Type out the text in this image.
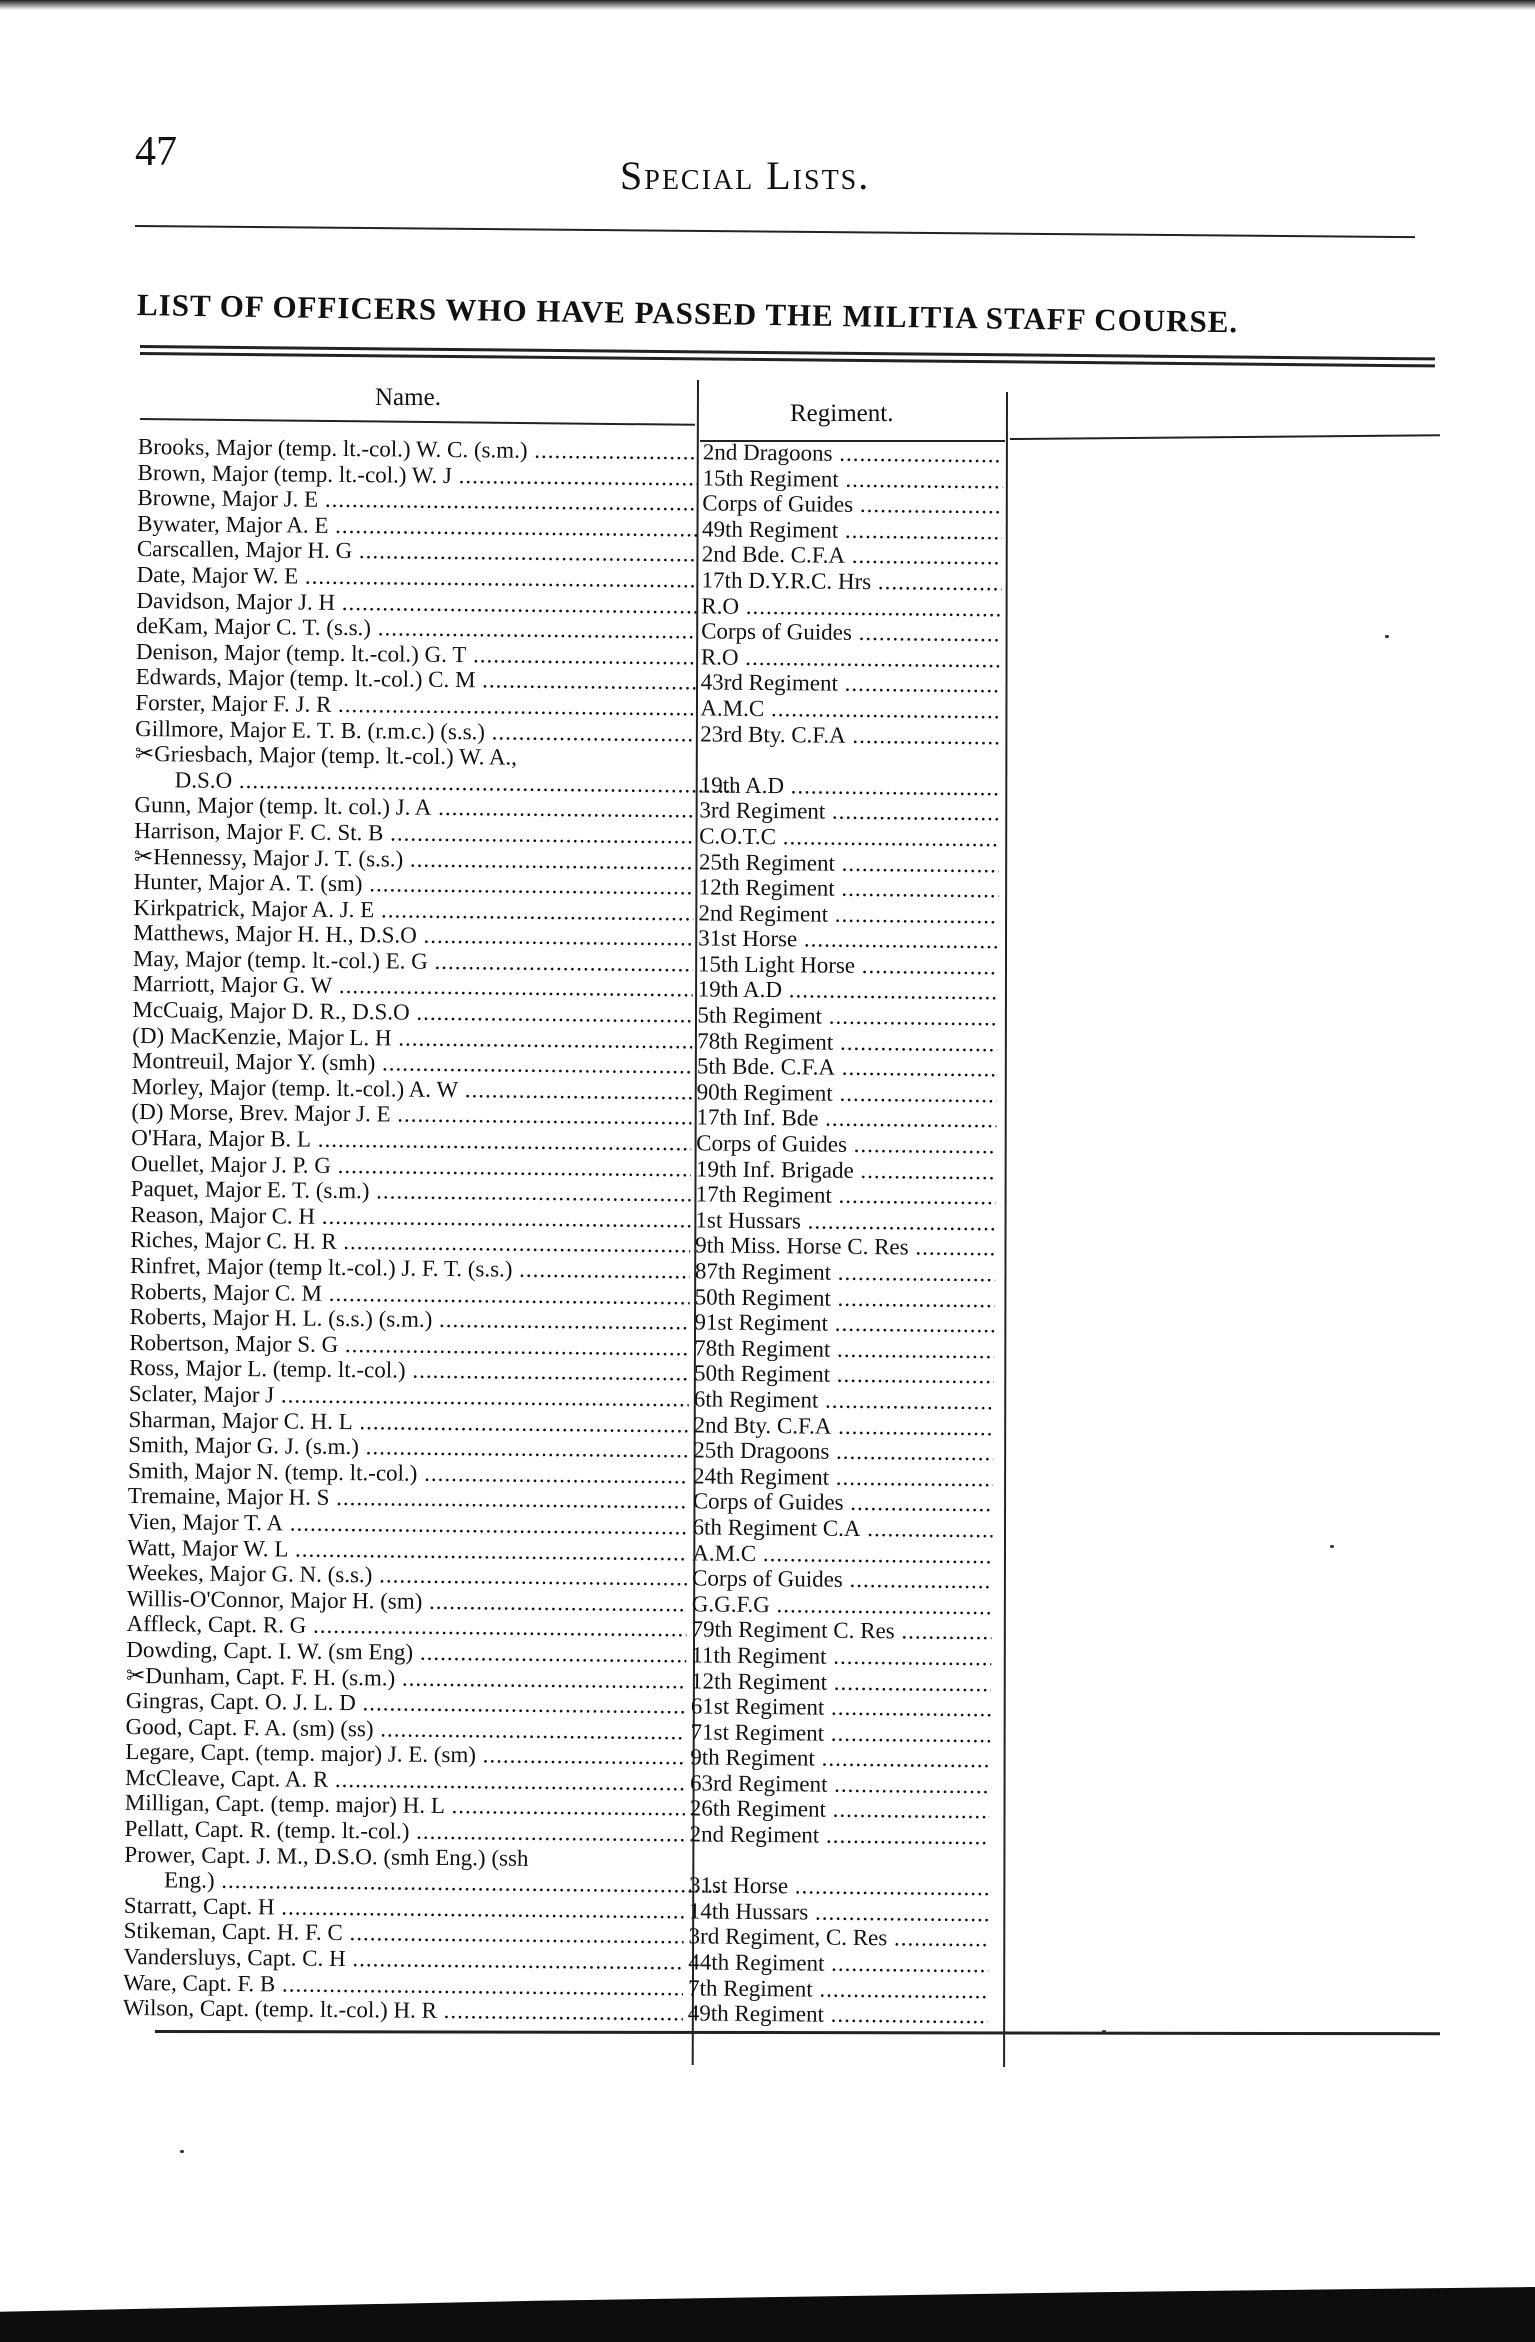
47
Special Lists.
LIST OF OFFICERS WHO HAVE PASSED THE MILITIA STAFF COURSE.
Name.
Regiment.
Brooks, Major (temp. lt.-col.) W. C. (s.m.) .....	2nd Dragoons .....
Brown, Major (temp. lt.-col.) W. J .....	15th Regiment .....
Browne, Major J. E .....	Corps of Guides .....
Bywater, Major A. E .....	49th Regiment .....
Carscallen, Major H. G .....	2nd Bde. C.F.A .....
Date, Major W. E .....	17th D.Y.R.C. Hrs .....
Davidson, Major J. H .....	R.O .....
deKam, Major C. T. (s.s.) .....	Corps of Guides .....
Denison, Major (temp. lt.-col.) G. T .....	R.O .....
Edwards, Major (temp. lt.-col.) C. M .....	43rd Regiment .....
Forster, Major F. J. R .....	A.M.C .....
Gillmore, Major E. T. B. (r.m.c.) (s.s.) .....	23rd Bty. C.F.A .....
✂Griesbach, Major (temp. lt.-col.) W. A.,
D.S.O .....	19th A.D .....
Gunn, Major (temp. lt. col.) J. A .....	3rd Regiment .....
Harrison, Major F. C. St. B .....	C.O.T.C .....
✂Hennessy, Major J. T. (s.s.) .....	25th Regiment .....
Hunter, Major A. T. (sm) .....	12th Regiment .....
Kirkpatrick, Major A. J. E .....	2nd Regiment .....
Matthews, Major H. H., D.S.O .....	31st Horse .....
May, Major (temp. lt.-col.) E. G .....	15th Light Horse .....
Marriott, Major G. W .....	19th A.D .....
McCuaig, Major D. R., D.S.O .....	5th Regiment .....
(D) MacKenzie, Major L. H .....	78th Regiment .....
Montreuil, Major Y. (smh) .....	5th Bde. C.F.A .....
Morley, Major (temp. lt.-col.) A. W .....	90th Regiment .....
(D) Morse, Brev. Major J. E .....	17th Inf. Bde .....
O'Hara, Major B. L .....	Corps of Guides .....
Ouellet, Major J. P. G .....	19th Inf. Brigade .....
Paquet, Major E. T. (s.m.) .....	17th Regiment .....
Reason, Major C. H .....	1st Hussars .....
Riches, Major C. H. R .....	9th Miss. Horse C. Res .....
Rinfret, Major (temp lt.-col.) J. F. T. (s.s.) .....	87th Regiment .....
Roberts, Major C. M .....	50th Regiment .....
Roberts, Major H. L. (s.s.) (s.m.) .....	91st Regiment .....
Robertson, Major S. G .....	78th Regiment .....
Ross, Major L. (temp. lt.-col.) .....	50th Regiment .....
Sclater, Major J .....	6th Regiment .....
Sharman, Major C. H. L .....	2nd Bty. C.F.A .....
Smith, Major G. J. (s.m.) .....	25th Dragoons .....
Smith, Major N. (temp. lt.-col.) .....	24th Regiment .....
Tremaine, Major H. S .....	Corps of Guides .....
Vien, Major T. A .....	6th Regiment C.A .....
Watt, Major W. L .....	A.M.C .....
Weekes, Major G. N. (s.s.) .....	Corps of Guides .....
Willis-O'Connor, Major H. (sm) .....	G.G.F.G .....
Affleck, Capt. R. G .....	79th Regiment C. Res .....
Dowding, Capt. I. W. (sm Eng) .....	11th Regiment .....
✂Dunham, Capt. F. H. (s.m.) .....	12th Regiment .....
Gingras, Capt. O. J. L. D .....	61st Regiment .....
Good, Capt. F. A. (sm) (ss) .....	71st Regiment .....
Legare, Capt. (temp. major) J. E. (sm) .....	9th Regiment .....
McCleave, Capt. A. R .....	63rd Regiment .....
Milligan, Capt. (temp. major) H. L .....	26th Regiment .....
Pellatt, Capt. R. (temp. lt.-col.) .....	2nd Regiment .....
Prower, Capt. J. M., D.S.O. (smh Eng.) (ssh
Eng.) .....	31st Horse .....
Starratt, Capt. H .....	14th Hussars .....
Stikeman, Capt. H. F. C .....	3rd Regiment, C. Res .....
Vandersluys, Capt. C. H .....	44th Regiment .....
Ware, Capt. F. B .....	7th Regiment .....
Wilson, Capt. (temp. lt.-col.) H. R .....	49th Regiment .....
